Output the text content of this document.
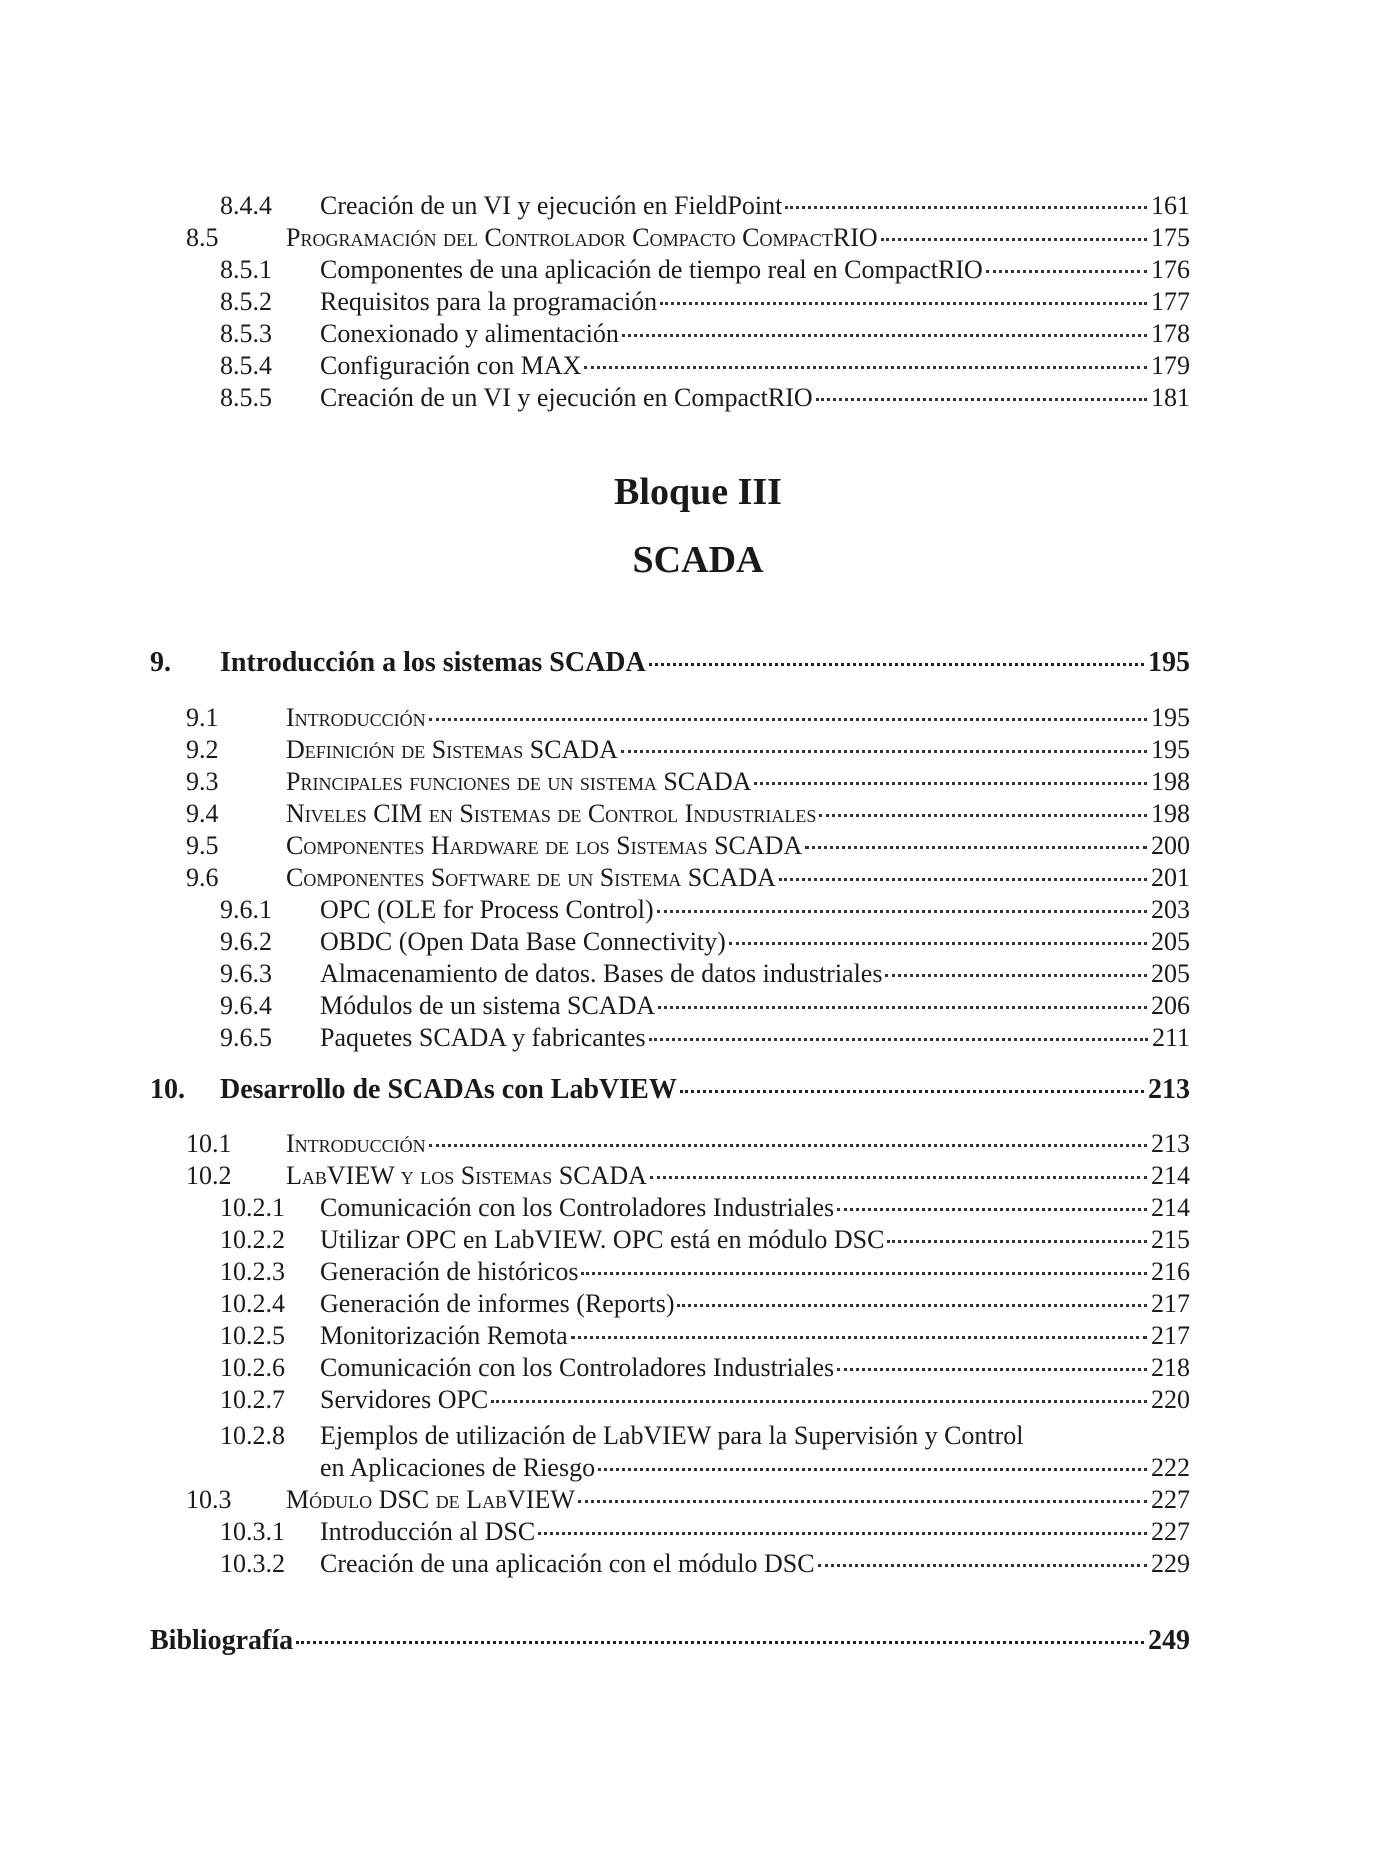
8.4.4	Creación de un VI y ejecución en FieldPoint	161
8.5	Programación del Controlador Compacto CompactRIO	175
8.5.1	Componentes de una aplicación de tiempo real en CompactRIO	176
8.5.2	Requisitos para la programación	177
8.5.3	Conexionado y alimentación	178
8.5.4	Configuración con MAX	179
8.5.5	Creación de un VI y ejecución en CompactRIO	181
Bloque III
SCADA
9.	Introducción a los sistemas SCADA	195
9.1	Introducción	195
9.2	Definición de Sistemas SCADA	195
9.3	Principales funciones de un sistema SCADA	198
9.4	Niveles CIM en Sistemas de Control Industriales	198
9.5	Componentes Hardware de los Sistemas SCADA	200
9.6	Componentes Software de un Sistema SCADA	201
9.6.1	OPC (OLE for Process Control)	203
9.6.2	OBDC (Open Data Base Connectivity)	205
9.6.3	Almacenamiento de datos. Bases de datos industriales	205
9.6.4	Módulos de un sistema SCADA	206
9.6.5	Paquetes SCADA y fabricantes	211
10.	Desarrollo de SCADAs con LabVIEW	213
10.1	Introducción	213
10.2	LabVIEW y los Sistemas SCADA	214
10.2.1	Comunicación con los Controladores Industriales	214
10.2.2	Utilizar OPC en LabVIEW. OPC está en módulo DSC	215
10.2.3	Generación de históricos	216
10.2.4	Generación de informes (Reports)	217
10.2.5	Monitorización Remota	217
10.2.6	Comunicación con los Controladores Industriales	218
10.2.7	Servidores OPC	220
10.2.8	Ejemplos de utilización de LabVIEW para la Supervisión y Control
en Aplicaciones de Riesgo	222
10.3	Módulo DSC de LabVIEW	227
10.3.1	Introducción al DSC	227
10.3.2	Creación de una aplicación con el módulo DSC	229
Bibliografía	249
